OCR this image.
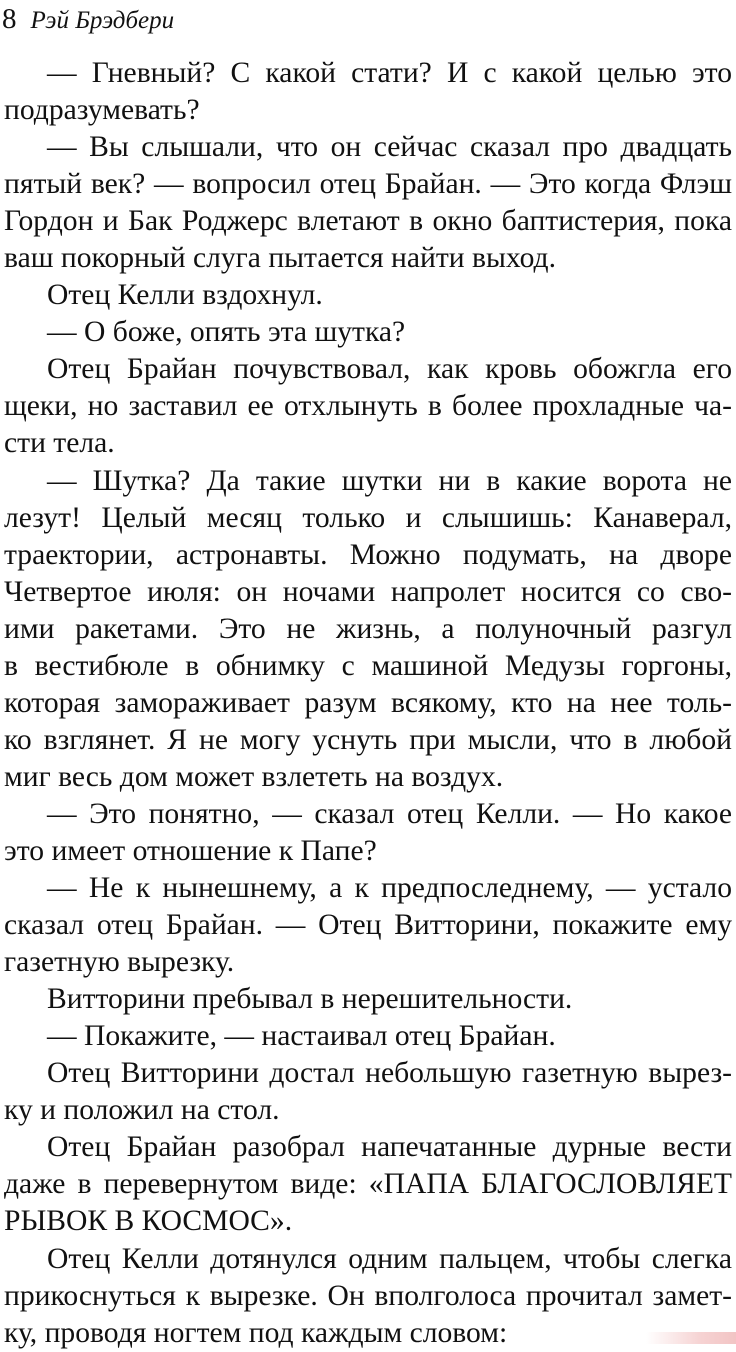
8 Рэй Брэдбери
— Гневный? С какой стати? И с какой целью это
подразумевать?
— Вы слышали, что он сейчас сказал про двадцать
пятый век? — вопросил отец Брайан. — Это когда Флэш
Гордон и Бак Роджерс влетают в окно баптистерия, пока
ваш покорный слуга пытается найти выход.
Отец Келли вздохнул.
— О боже, опять эта шутка?
Отец Брайан почувствовал, как кровь обожгла его
щеки, но заставил ее отхлынуть в более прохладные ча-
сти тела.
— Шутка? Да такие шутки ни в какие ворота не
лезут! Целый месяц только и слышишь: Канаверал,
траектории, астронавты. Можно подумать, на дворе
Четвертое июля: он ночами напролет носится со сво-
ими ракетами. Это не жизнь, а полуночный разгул
в вестибюле в обнимку с машиной Медузы горгоны,
которая замораживает разум всякому, кто на нее толь-
ко взглянет. Я не могу уснуть при мысли, что в любой
миг весь дом может взлететь на воздух.
— Это понятно, — сказал отец Келли. — Но какое
это имеет отношение к Папе?
— Не к нынешнему, а к предпоследнему, — устало
сказал отец Брайан. — Отец Витторини, покажите ему
газетную вырезку.
Витторини пребывал в нерешительности.
— Покажите, — настаивал отец Брайан.
Отец Витторини достал небольшую газетную вырез-
ку и положил на стол.
Отец Брайан разобрал напечатанные дурные вести
даже в перевернутом виде: «ПАПА БЛАГОСЛОВЛЯЕТ
РЫВОК В КОСМОС».
Отец Келли дотянулся одним пальцем, чтобы слегка
прикоснуться к вырезке. Он вполголоса прочитал замет-
ку, проводя ногтем под каждым словом:
